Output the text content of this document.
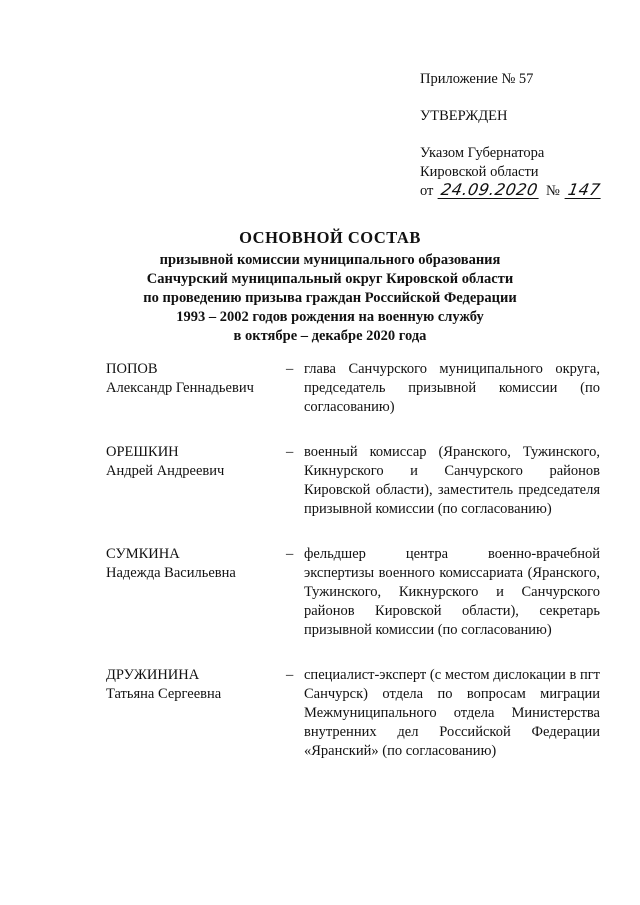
Приложение № 57
УТВЕРЖДЕН
Указом Губернатора
Кировской области
от 24.09.2020 № 147
ОСНОВНОЙ СОСТАВ
призывной комиссии муниципального образования
Санчурский муниципальный округ Кировской области
по проведению призыва граждан Российской Федерации
1993 – 2002 годов рождения на военную службу
в октябре – декабре 2020 года
ПОПОВ
Александр Геннадьевич
– глава Санчурского муниципального округа, председатель призывной комиссии (по согласованию)
ОРЕШКИН
Андрей Андреевич
– военный комиссар (Яранского, Тужинского, Кикнурского и Санчурского районов Кировской области), заместитель председателя призывной комиссии (по согласованию)
СУМКИНА
Надежда Васильевна
– фельдшер центра военно-врачебной экспертизы военного комиссариата (Яранского, Тужинского, Кикнурского и Санчурского районов Кировской области), секретарь призывной комиссии (по согласованию)
ДРУЖИНИНА
Татьяна Сергеевна
– специалист-эксперт (с местом дислокации в пгт Санчурск) отдела по вопросам миграции Межмуниципального отдела Министерства внутренних дел Российской Федерации «Яранский» (по согласованию)
